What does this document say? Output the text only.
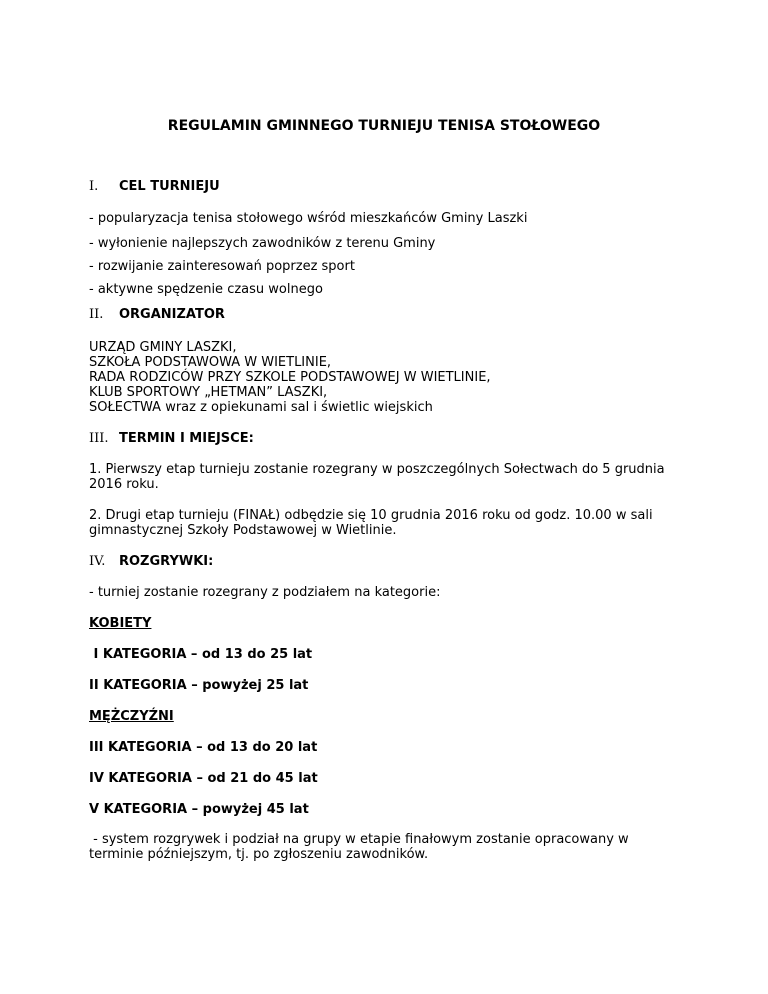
REGULAMIN GMINNEGO TURNIEJU TENISA STOŁOWEGO
I. CEL TURNIEJU
- popularyzacja tenisa stołowego wśród mieszkańców Gminy Laszki
- wyłonienie najlepszych zawodników z terenu Gminy
- rozwijanie zainteresowań poprzez sport
- aktywne spędzenie czasu wolnego
II. ORGANIZATOR
URZĄD GMINY LASZKI,
SZKOŁA PODSTAWOWA W WIETLINIE,
RADA RODZICÓW PRZY SZKOLE PODSTAWOWEJ W WIETLINIE,
KLUB SPORTOWY „HETMAN” LASZKI,
SOŁECTWA wraz z opiekunami sal i świetlic wiejskich
III. TERMIN I MIEJSCE:
1. Pierwszy etap turnieju zostanie rozegrany w poszczególnych Sołectwach do 5 grudnia
2016 roku.
2. Drugi etap turnieju (FINAŁ) odbędzie się 10 grudnia 2016 roku od godz. 10.00 w sali
gimnastycznej Szkoły Podstawowej w Wietlinie.
IV. ROZGRYWKI:
- turniej zostanie rozegrany z podziałem na kategorie:
KOBIETY
I KATEGORIA – od 13 do 25 lat
II KATEGORIA – powyżej 25 lat
MĘŻCZYŹNI
III KATEGORIA – od 13 do 20 lat
IV KATEGORIA – od 21 do 45 lat
V KATEGORIA – powyżej 45 lat
- system rozgrywek i podział na grupy w etapie finałowym zostanie opracowany w
terminie późniejszym, tj. po zgłoszeniu zawodników.
